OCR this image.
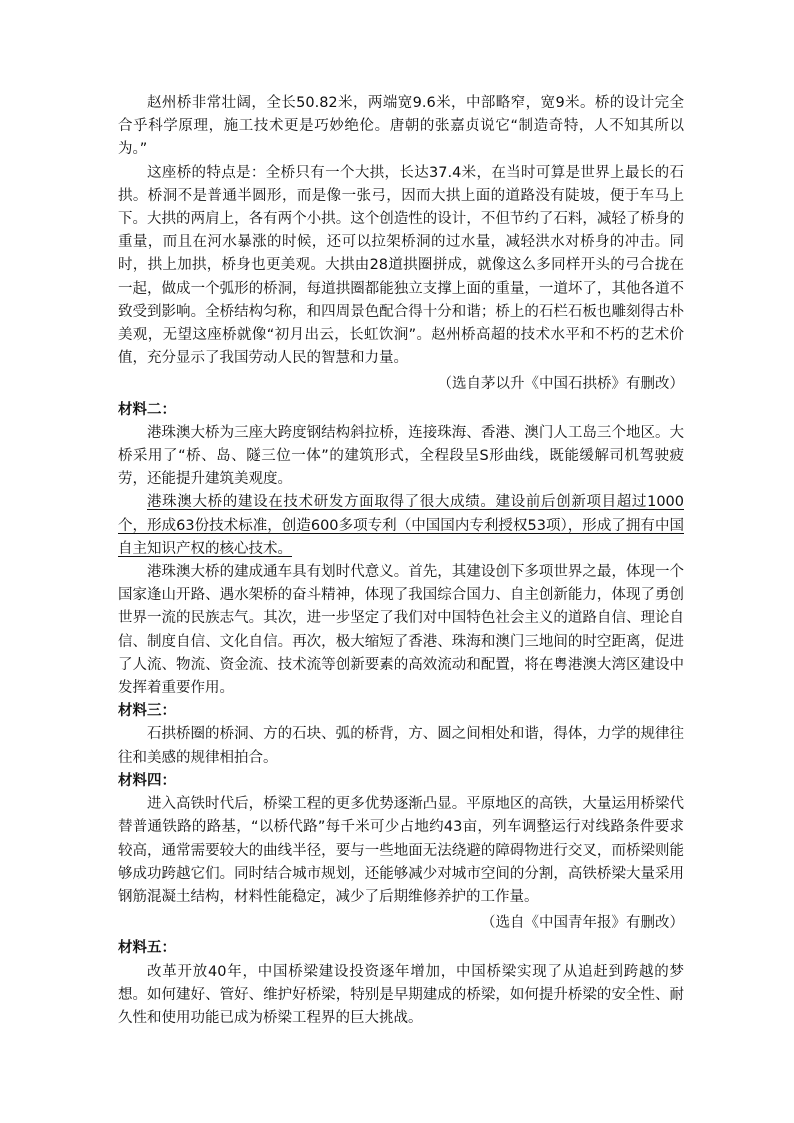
赵州桥非常壮阔，全长50.82米，两端宽9.6米，中部略窄，宽9米。桥的设计完全合乎科学原理，施工技术更是巧妙绝伦。唐朝的张嘉贞说它“制造奇特，人不知其所以为。”

这座桥的特点是：全桥只有一个大拱，长达37.4米，在当时可算是世界上最长的石拱。桥洞不是普通半圆形，而是像一张弓，因而大拱上面的道路没有陡坡，便于车马上下。大拱的两肩上，各有两个小拱。这个创造性的设计，不但节约了石料，减轻了桥身的重量，而且在河水暴涨的时候，还可以拉架桥洞的过水量，减轻洪水对桥身的冲击。同时，拱上加拱，桥身也更美观。大拱由28道拱圈拼成，就像这么多同样开头的弓合拢在一起，做成一个弧形的桥洞，每道拱圈都能独立支撑上面的重量，一道坏了，其他各道不致受到影响。全桥结构匀称，和四周景色配合得十分和谐；桥上的石栏石板也雕刻得古朴美观，无望这座桥就像“初月出云，长虹饮涧”。赵州桥高超的技术水平和不朽的艺术价值，充分显示了我国劳动人民的智慧和力量。

（选自茅以升《中国石拱桥》有删改）

材料二：

港珠澳大桥为三座大跨度钢结构斜拉桥，连接珠海、香港、澳门人工岛三个地区。大桥采用了“桥、岛、隧三位一体”的建筑形式，全程段呈S形曲线，既能缓解司机驾驶疲劳，还能提升建筑美观度。

港珠澳大桥的建设在技术研发方面取得了很大成绩。建设前后创新项目超过1000个，形成63份技术标准，创造600多项专利（中国国内专利授权53项），形成了拥有中国自主知识产权的核心技术。

港珠澳大桥的建成通车具有划时代意义。首先，其建设创下多项世界之最，体现一个国家逢山开路、遇水架桥的奋斗精神，体现了我国综合国力、自主创新能力，体现了勇创世界一流的民族志气。其次，进一步坚定了我们对中国特色社会主义的道路自信、理论自信、制度自信、文化自信。再次，极大缩短了香港、珠海和澳门三地间的时空距离，促进了人流、物流、资金流、技术流等创新要素的高效流动和配置，将在粤港澳大湾区建设中发挥着重要作用。

材料三：

石拱桥圈的桥洞、方的石块、弧的桥背，方、圆之间相处和谐，得体，力学的规律往往和美感的规律相拍合。

材料四：

进入高铁时代后，桥梁工程的更多优势逐渐凸显。平原地区的高铁，大量运用桥梁代替普通铁路的路基，“以桥代路”每千米可少占地约43亩，列车调整运行对线路条件要求较高，通常需要较大的曲线半径，要与一些地面无法绕避的障碍物进行交叉，而桥梁则能够成功跨越它们。同时结合城市规划，还能够减少对城市空间的分割，高铁桥梁大量采用钢筋混凝土结构，材料性能稳定，减少了后期维修养护的工作量。

（选自《中国青年报》有删改）

材料五：

改革开放40年，中国桥梁建设投资逐年增加，中国桥梁实现了从追赶到跨越的梦想。如何建好、管好、维护好桥梁，特别是早期建成的桥梁，如何提升桥梁的安全性、耐久性和使用功能已成为桥梁工程界的巨大挑战。
